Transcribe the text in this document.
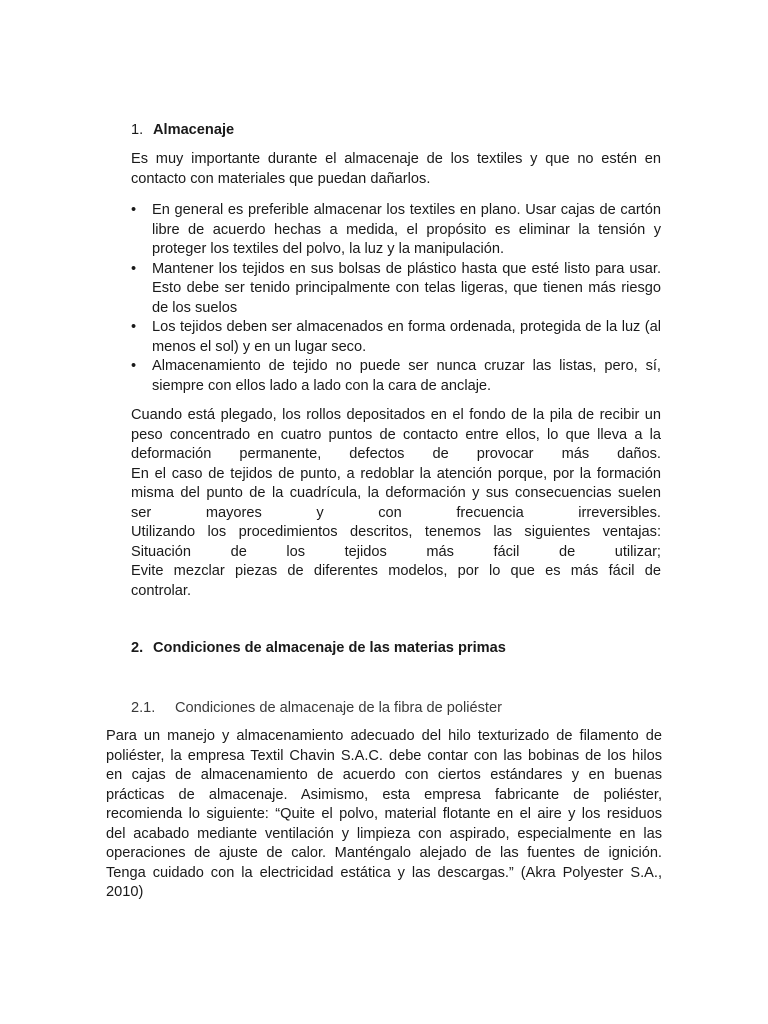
1. Almacenaje
Es muy importante durante el almacenaje de los textiles y que no estén en contacto con materiales que puedan dañarlos.
•	En general es preferible almacenar los textiles en plano. Usar cajas de cartón libre de acuerdo hechas a medida, el propósito es eliminar la tensión y proteger los textiles del polvo, la luz y la manipulación.
•	Mantener los tejidos en sus bolsas de plástico hasta que esté listo para usar. Esto debe ser tenido principalmente con telas ligeras, que tienen más riesgo de los suelos
•	Los tejidos deben ser almacenados en forma ordenada, protegida de la luz (al menos el sol) y en un lugar seco.
•	Almacenamiento de tejido no puede ser nunca cruzar las listas, pero, sí, siempre con ellos lado a lado con la cara de anclaje.
Cuando está plegado, los rollos depositados en el fondo de la pila de recibir un
peso concentrado en cuatro puntos de contacto entre ellos, lo que lleva a la
deformación permanente, defectos de provocar más daños.
En el caso de tejidos de punto, a redoblar la atención porque, por la formación
misma del punto de la cuadrícula, la deformación y sus consecuencias suelen
ser mayores y con frecuencia irreversibles.
Utilizando los procedimientos descritos, tenemos las siguientes ventajas:
Situación de los tejidos más fácil de utilizar;
Evite mezclar piezas de diferentes modelos, por lo que es más fácil de
controlar.
2. Condiciones de almacenaje de las materias primas
2.1.	Condiciones de almacenaje de la fibra de poliéster
Para un manejo y almacenamiento adecuado del hilo texturizado de filamento de
poliéster, la empresa Textil Chavin S.A.C. debe contar con las bobinas de los hilos
en cajas de almacenamiento de acuerdo con ciertos estándares y en buenas
prácticas de almacenaje. Asimismo, esta empresa fabricante de poliéster,
recomienda lo siguiente: “Quite el polvo, material flotante en el aire y los residuos
del acabado mediante ventilación y limpieza con aspirado, especialmente en las
operaciones de ajuste de calor. Manténgalo alejado de las fuentes de ignición.
Tenga cuidado con la electricidad estática y las descargas.” (Akra Polyester S.A.,
2010)
